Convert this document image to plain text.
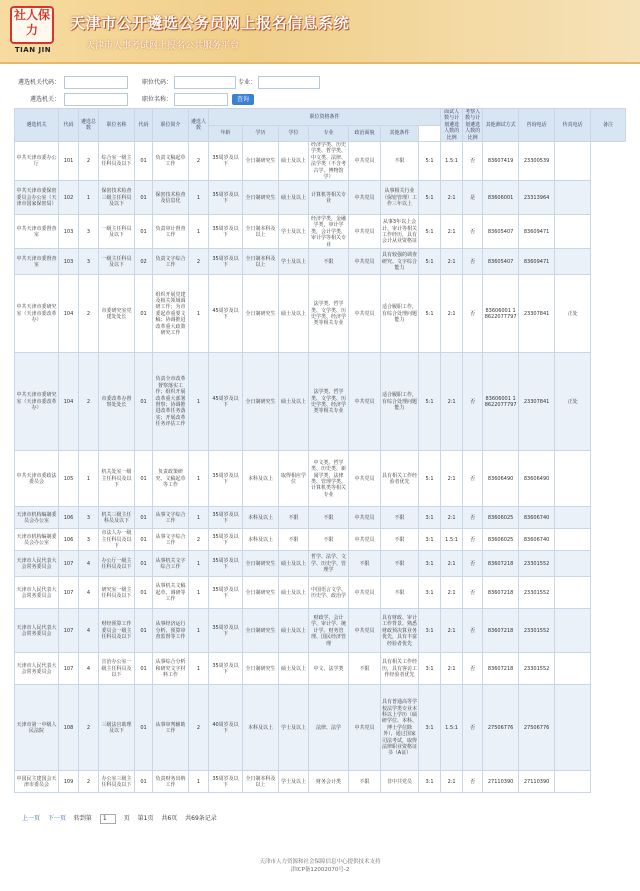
社人保力
TIAN JIN
天津市公开遴选公务员网上报名信息系统
天津市人事考试网上报名公共服务平台
遴选机关代码：	职位代码：	专业：
遴选机关：	职位名称：	查询
遴选机关	代码	遴选总数	职位名称	代码	职位简介	遴选人数	职位资格条件							面试人数与计划遴选人数的比例	考察人数与计划遴选人数的比例	其他测试方式	咨询电话	传真电话	备注
							年龄	学历	学位	专业	政治面貌	其他条件							
中共天津市委办公厅	101	2	综合室一级主任科员及以下	01	负责文稿起草工作	2	35周岁及以下	全日制研究生	硕士及以上	经济学类、历史学类、哲学类、中文类、法律、法学类（不含考古学、博物馆学）	中共党员	不限	5:1	1.5:1	否	83607419	23300539		
中共天津市委保密委员会办公室（天津市国家保密局）	102	1	保密技术检查三级主任科员及以下	01	保密技术检查及信息化	1	35周岁及以下	全日制研究生	硕士及以上	计算机等相关专业	中共党员	从事相关行业（保密管理）工作三年以上	5:1	2:1	是	83606001	23313964		
中共天津市委督查室	103	3	一级主任科员及以下	01	负责审计督查工作	1	35周岁及以下	全日制本科及以上	学士及以上	经济学类，金融学类，审计学类，会计学类，审计学等相关专业	中共党员	从事3年以上会计、审计等相关工作经历，具有会计从业资格证	5:1	2:1	否	83605407	83609471		
中共天津市委督查室	103	3	一级主任科员及以下	02	负责文字综合工作	2	35周岁及以下	全日制本科及以上	学士及以上	不限	中共党员	具有较强的调查研究、文字综合能力	5:1	2:1	否	83605407	83609471		
中共天津市委研究室（天津市委改革办）	104	2	市委研究室党建处处长	01	组织开展党建及相关领域调研工作；为市委起草重要文稿；协调推进改革重大政策研究工作	1	45周岁及以下	全日制研究生	硕士及以上	法学类、哲学类、文学类、历史学类、经济学类等相关专业	中共党员	适合履职工作，有综合处理问题能力	5:1	2:1	否	83606001 18622077797	23307841	正处	
中共天津市委研究室（天津市委改革办）	104	2	市委改革办督察处处长	01	负责全市改革督察落实工作；组织开展改革重大部署督察；协调推进改革任务落实；开展改革任务评估工作	1	45周岁及以下	全日制研究生	硕士及以上	法学类、哲学类、文学类、历史学类、经济学类等相关专业	中共党员	适合履职工作，有综合处理问题能力	5:1	2:1	否	83606001 18622077797	23307841	正处	
中共天津市委政法委员会	105	1	机关处室一级主任科员及以下	01	负责政策研究、文稿起草等工作	1	35周岁及以下	本科及以上	取得相应学位	中文类、哲学类、历史类、新闻学类、法律类、管理学类、计算机类等相关专业	中共党员	具有相关工作经验者优先	5:1	2:1	否	83606490	83606490		
天津市机构编制委员会办公室	106	3	机关三级主任科员及以下	01	从事文字综合工作	1	35周岁及以下	本科及以上	不限	不限	中共党员	不限	3:1	2:1	否	83606025	83606740		
天津市机构编制委员会办公室	106	3	市法人办一级主任科员及以下	01	从事文字综合工作	2	35周岁及以下	本科及以上	不限	不限	中共党员	不限	3:1	1.5:1	否	83606025	83606740		
天津市人民代表大会常务委员会	107	4	办公厅一级主任科员及以下	01	从事机关文字综合工作	1	35周岁及以下	全日制研究生	硕士及以上	哲学、法学、文学、历史学、管理学	不限	不限	3:1	2:1	否	83607218	23301552		
天津市人民代表大会常务委员会	107	4	研究室一级主任科员及以下	01	从事机关文稿起草、调研等工作	1	35周岁及以下	全日制研究生	硕士及以上	中国语言文学、历史学、政治学	中共党员	不限	3:1	2:1	否	83607218	23301552		
天津市人民代表大会常务委员会	107	4	财经预算工作委员会一级主任科员及以下	01	从事经济运行分析、预算审查监督等工作	1	35周岁及以下	全日制研究生	硕士及以上	财政学、会计学、审计学、统计学、财务管理、国民经济管理	中共党员	具有财政、审计工作背景、熟悉财政预决算业务优先，具有丰富经验者优先	3:1	2:1	否	83607218	23301552		
天津市人民代表大会常务委员会	107	4	宣治办公室一级主任科员及以下	01	从事综合分析和研究文字材料工作	1	35周岁及以下	全日制研究生	硕士及以上	中文、法学类	不限	具有相关工作经历，具有客访工作经验者优先	3:1	2:1	否	83607218	23301552		
天津市第一中级人民法院	108	2	三级法官助理及以下	01	从事审判辅助工作	2	40周岁及以下	本科及以上	学士及以上	法律、法学	中共党员	具有普通高等学校法学类专业本科以上学历（硕研学位、本科、博士学位除外），通过国家司法考试，取得法律职业资格证书（A证）	3:1	1.5:1	否	27506776	27506776		
中国民主建国会天津市委员会	109	2	办公室三级主任科员及以下	01	负责财务出纳工作	1	35周岁及以下	全日制本科及以上	学士及以上	财务会计类	不限	非中共党员	3:1	2:1	否	27110390	27110390		
上一页 下一页 转到第 1	页 第1页 共6页 共69条记录
天津市人力资源和社会保障信息中心提供技术支持
津ICP备12002070号-2
